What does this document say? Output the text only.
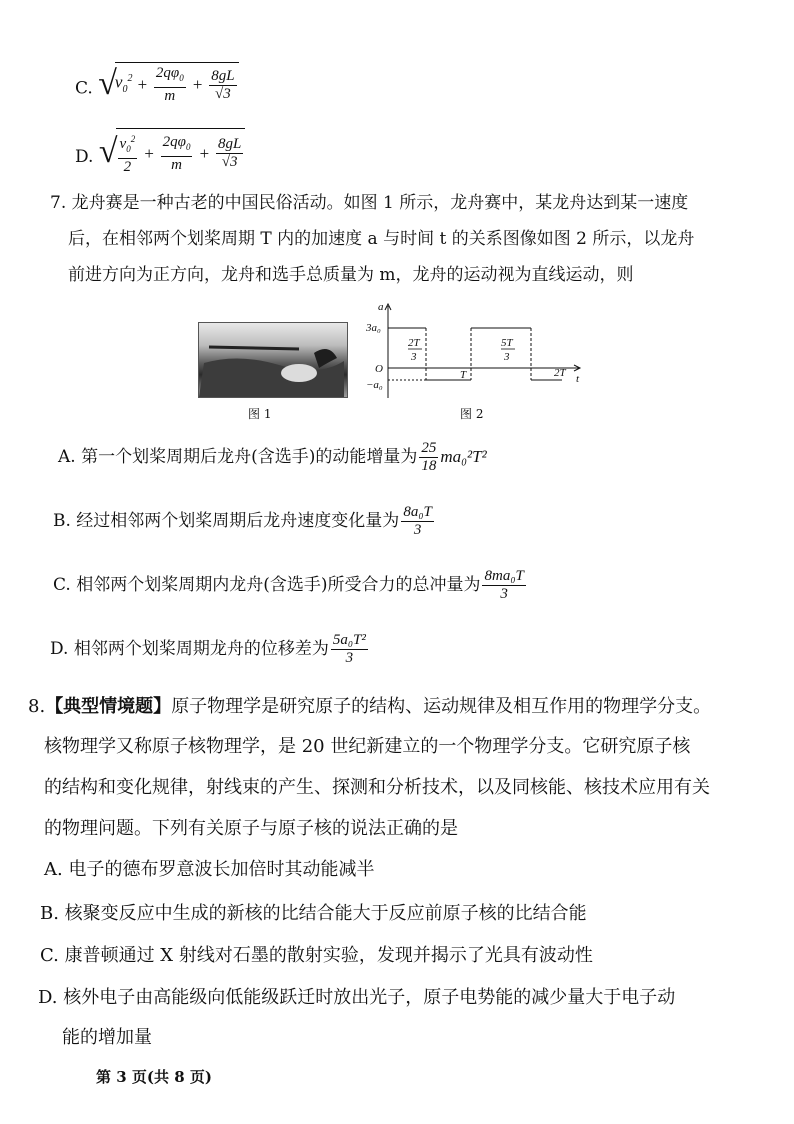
C. √
$v_0^2 + \frac{2q\varphi_0}{m} + \frac{8gL}{√3}$
D. √ $\frac{v_0^2}{2} + \frac{2q\varphi_0}{m} + \frac{8gL}{√3}$
7. 龙舟赛是一种古老的中国民俗活动。如图 1 所示，龙舟赛中，某龙舟达到某一速度
后，在相邻两个划桨周期 T 内的加速度 a 与时间 t 的关系图像如图 2 所示，以龙舟
前进方向为正方向，龙舟和选手总质量为 m，龙舟的运动视为直线运动，则
图 1
a
t
O
3a₀
−a₀
2T
3
T
5T
3
2T
图 2
A. 第一个划桨周期后龙舟(含选手)的动能增量为 $\frac{25}{18} ma_0^2T^2$
B. 经过相邻两个划桨周期后龙舟速度变化量为 $\frac{\text{8a₀T}}{3}$
C. 相邻两个划桨周期内龙舟(含选手)所受合力的总冲量为 $\frac{\text{8ma₀T}}{3}$
D. 相邻两个划桨周期龙舟的位移差为 $\frac{\text{5a₀T²}}{3}$
8.【典型情境题】原子物理学是研究原子的结构、运动规律及相互作用的物理学分支。
核物理学又称原子核物理学，是 20 世纪新建立的一个物理学分支。它研究原子核
的结构和变化规律，射线束的产生、探测和分析技术，以及同核能、核技术应用有关
的物理问题。下列有关原子与原子核的说法正确的是
A. 电子的德布罗意波长加倍时其动能减半
B. 核聚变反应中生成的新核的比结合能大于反应前原子核的比结合能
C. 康普顿通过 X 射线对石墨的散射实验，发现并揭示了光具有波动性
D. 核外电子由高能级向低能级跃迁时放出光子，原子电势能的减少量大于电子动
能的增加量
第 3 页(共 8 页)
